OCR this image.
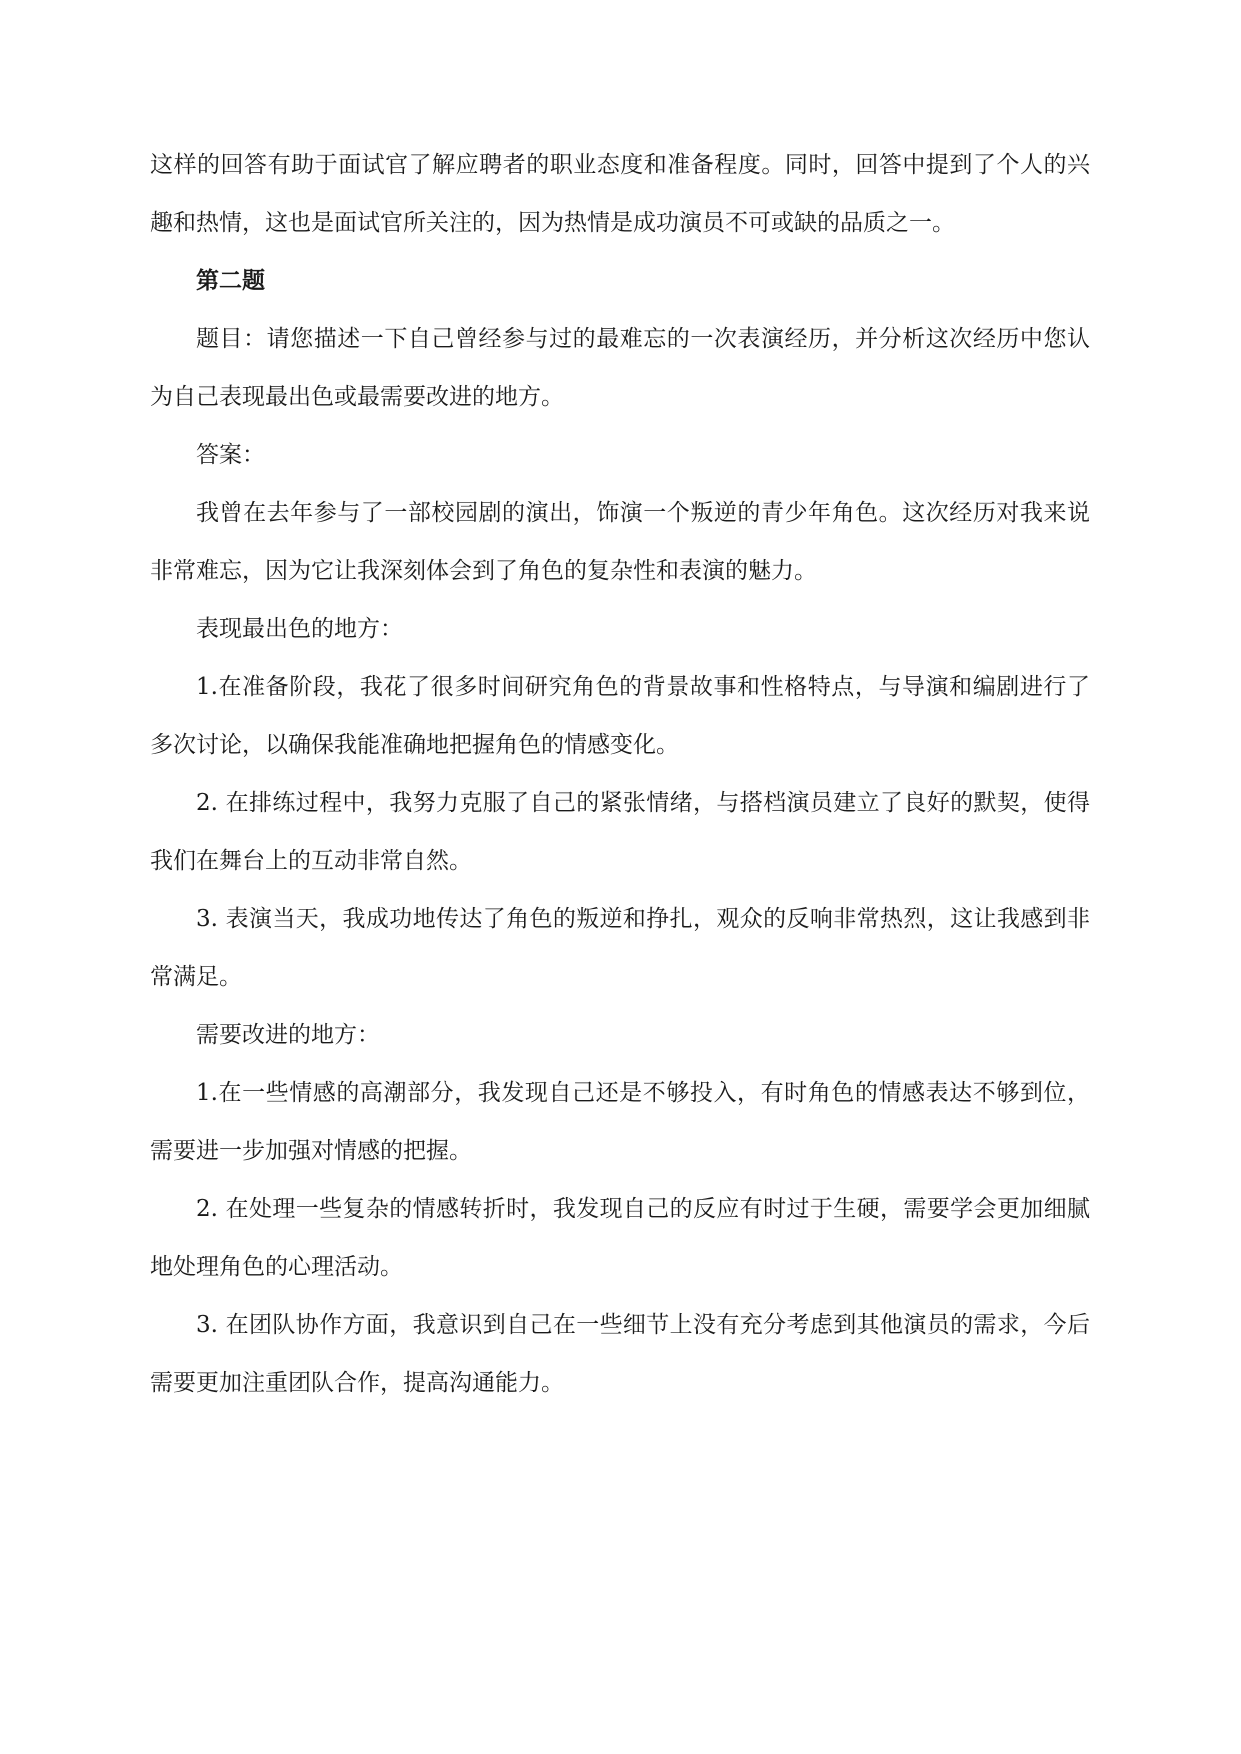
这样的回答有助于面试官了解应聘者的职业态度和准备程度。同时，回答中提到了个人的兴趣和热情，这也是面试官所关注的，因为热情是成功演员不可或缺的品质之一。

第二题

题目：请您描述一下自己曾经参与过的最难忘的一次表演经历，并分析这次经历中您认为自己表现最出色或最需要改进的地方。

答案：

我曾在去年参与了一部校园剧的演出，饰演一个叛逆的青少年角色。这次经历对我来说非常难忘，因为它让我深刻体会到了角色的复杂性和表演的魅力。

表现最出色的地方：

1.在准备阶段，我花了很多时间研究角色的背景故事和性格特点，与导演和编剧进行了多次讨论，以确保我能准确地把握角色的情感变化。

2. 在排练过程中，我努力克服了自己的紧张情绪，与搭档演员建立了良好的默契，使得我们在舞台上的互动非常自然。

3. 表演当天，我成功地传达了角色的叛逆和挣扎，观众的反响非常热烈，这让我感到非常满足。

需要改进的地方：

1.在一些情感的高潮部分，我发现自己还是不够投入，有时角色的情感表达不够到位，需要进一步加强对情感的把握。

2. 在处理一些复杂的情感转折时，我发现自己的反应有时过于生硬，需要学会更加细腻地处理角色的心理活动。

3. 在团队协作方面，我意识到自己在一些细节上没有充分考虑到其他演员的需求，今后需要更加注重团队合作，提高沟通能力。
